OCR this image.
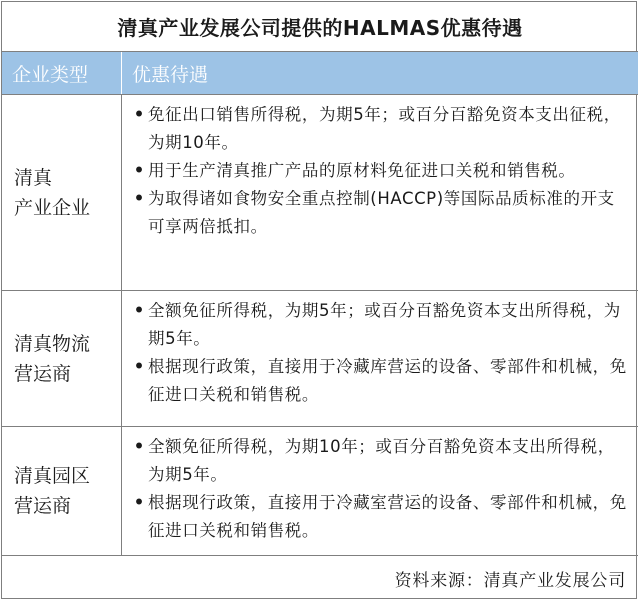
清真产业发展公司提供的HALMAS优惠待遇
企业类型	优惠待遇
清真
产业企业
• 免征出口销售所得税，为期5年；或百分百豁免资本支出征税，为期10年。
• 用于生产清真推广产品的原材料免征进口关税和销售税。
• 为取得诸如食物安全重点控制(HACCP)等国际品质标准的开支可享两倍抵扣。
清真物流
营运商
• 全额免征所得税，为期5年；或百分百豁免资本支出所得税，为期5年。
• 根据现行政策，直接用于冷藏库营运的设备、零部件和机械，免征进口关税和销售税。
清真园区
营运商
• 全额免征所得税，为期10年；或百分百豁免资本支出所得税，为期5年。
• 根据现行政策，直接用于冷藏室营运的设备、零部件和机械，免征进口关税和销售税。
资料来源：清真产业发展公司
